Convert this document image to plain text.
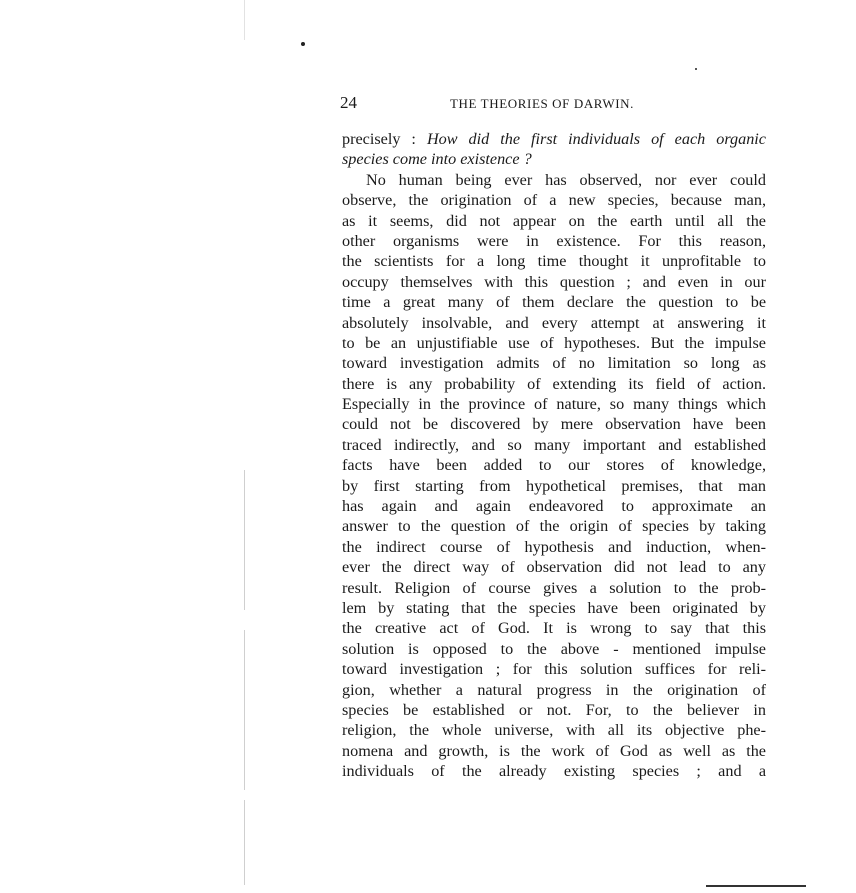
24	THE THEORIES OF DARWIN.
precisely : How did the first individuals of each organic
species come into existence ?
No human being ever has observed, nor ever could
observe, the origination of a new species, because man,
as it seems, did not appear on the earth until all the
other organisms were in existence. For this reason,
the scientists for a long time thought it unprofitable to
occupy themselves with this question ; and even in our
time a great many of them declare the question to be
absolutely insolvable, and every attempt at answering it
to be an unjustifiable use of hypotheses. But the impulse
toward investigation admits of no limitation so long as
there is any probability of extending its field of action.
Especially in the province of nature, so many things which
could not be discovered by mere observation have been
traced indirectly, and so many important and established
facts have been added to our stores of knowledge,
by first starting from hypothetical premises, that man
has again and again endeavored to approximate an
answer to the question of the origin of species by taking
the indirect course of hypothesis and induction, when-
ever the direct way of observation did not lead to any
result. Religion of course gives a solution to the prob-
lem by stating that the species have been originated by
the creative act of God. It is wrong to say that this
solution is opposed to the above - mentioned impulse
toward investigation ; for this solution suffices for reli-
gion, whether a natural progress in the origination of
species be established or not. For, to the believer in
religion, the whole universe, with all its objective phe-
nomena and growth, is the work of God as well as the
individuals of the already existing species ; and a
